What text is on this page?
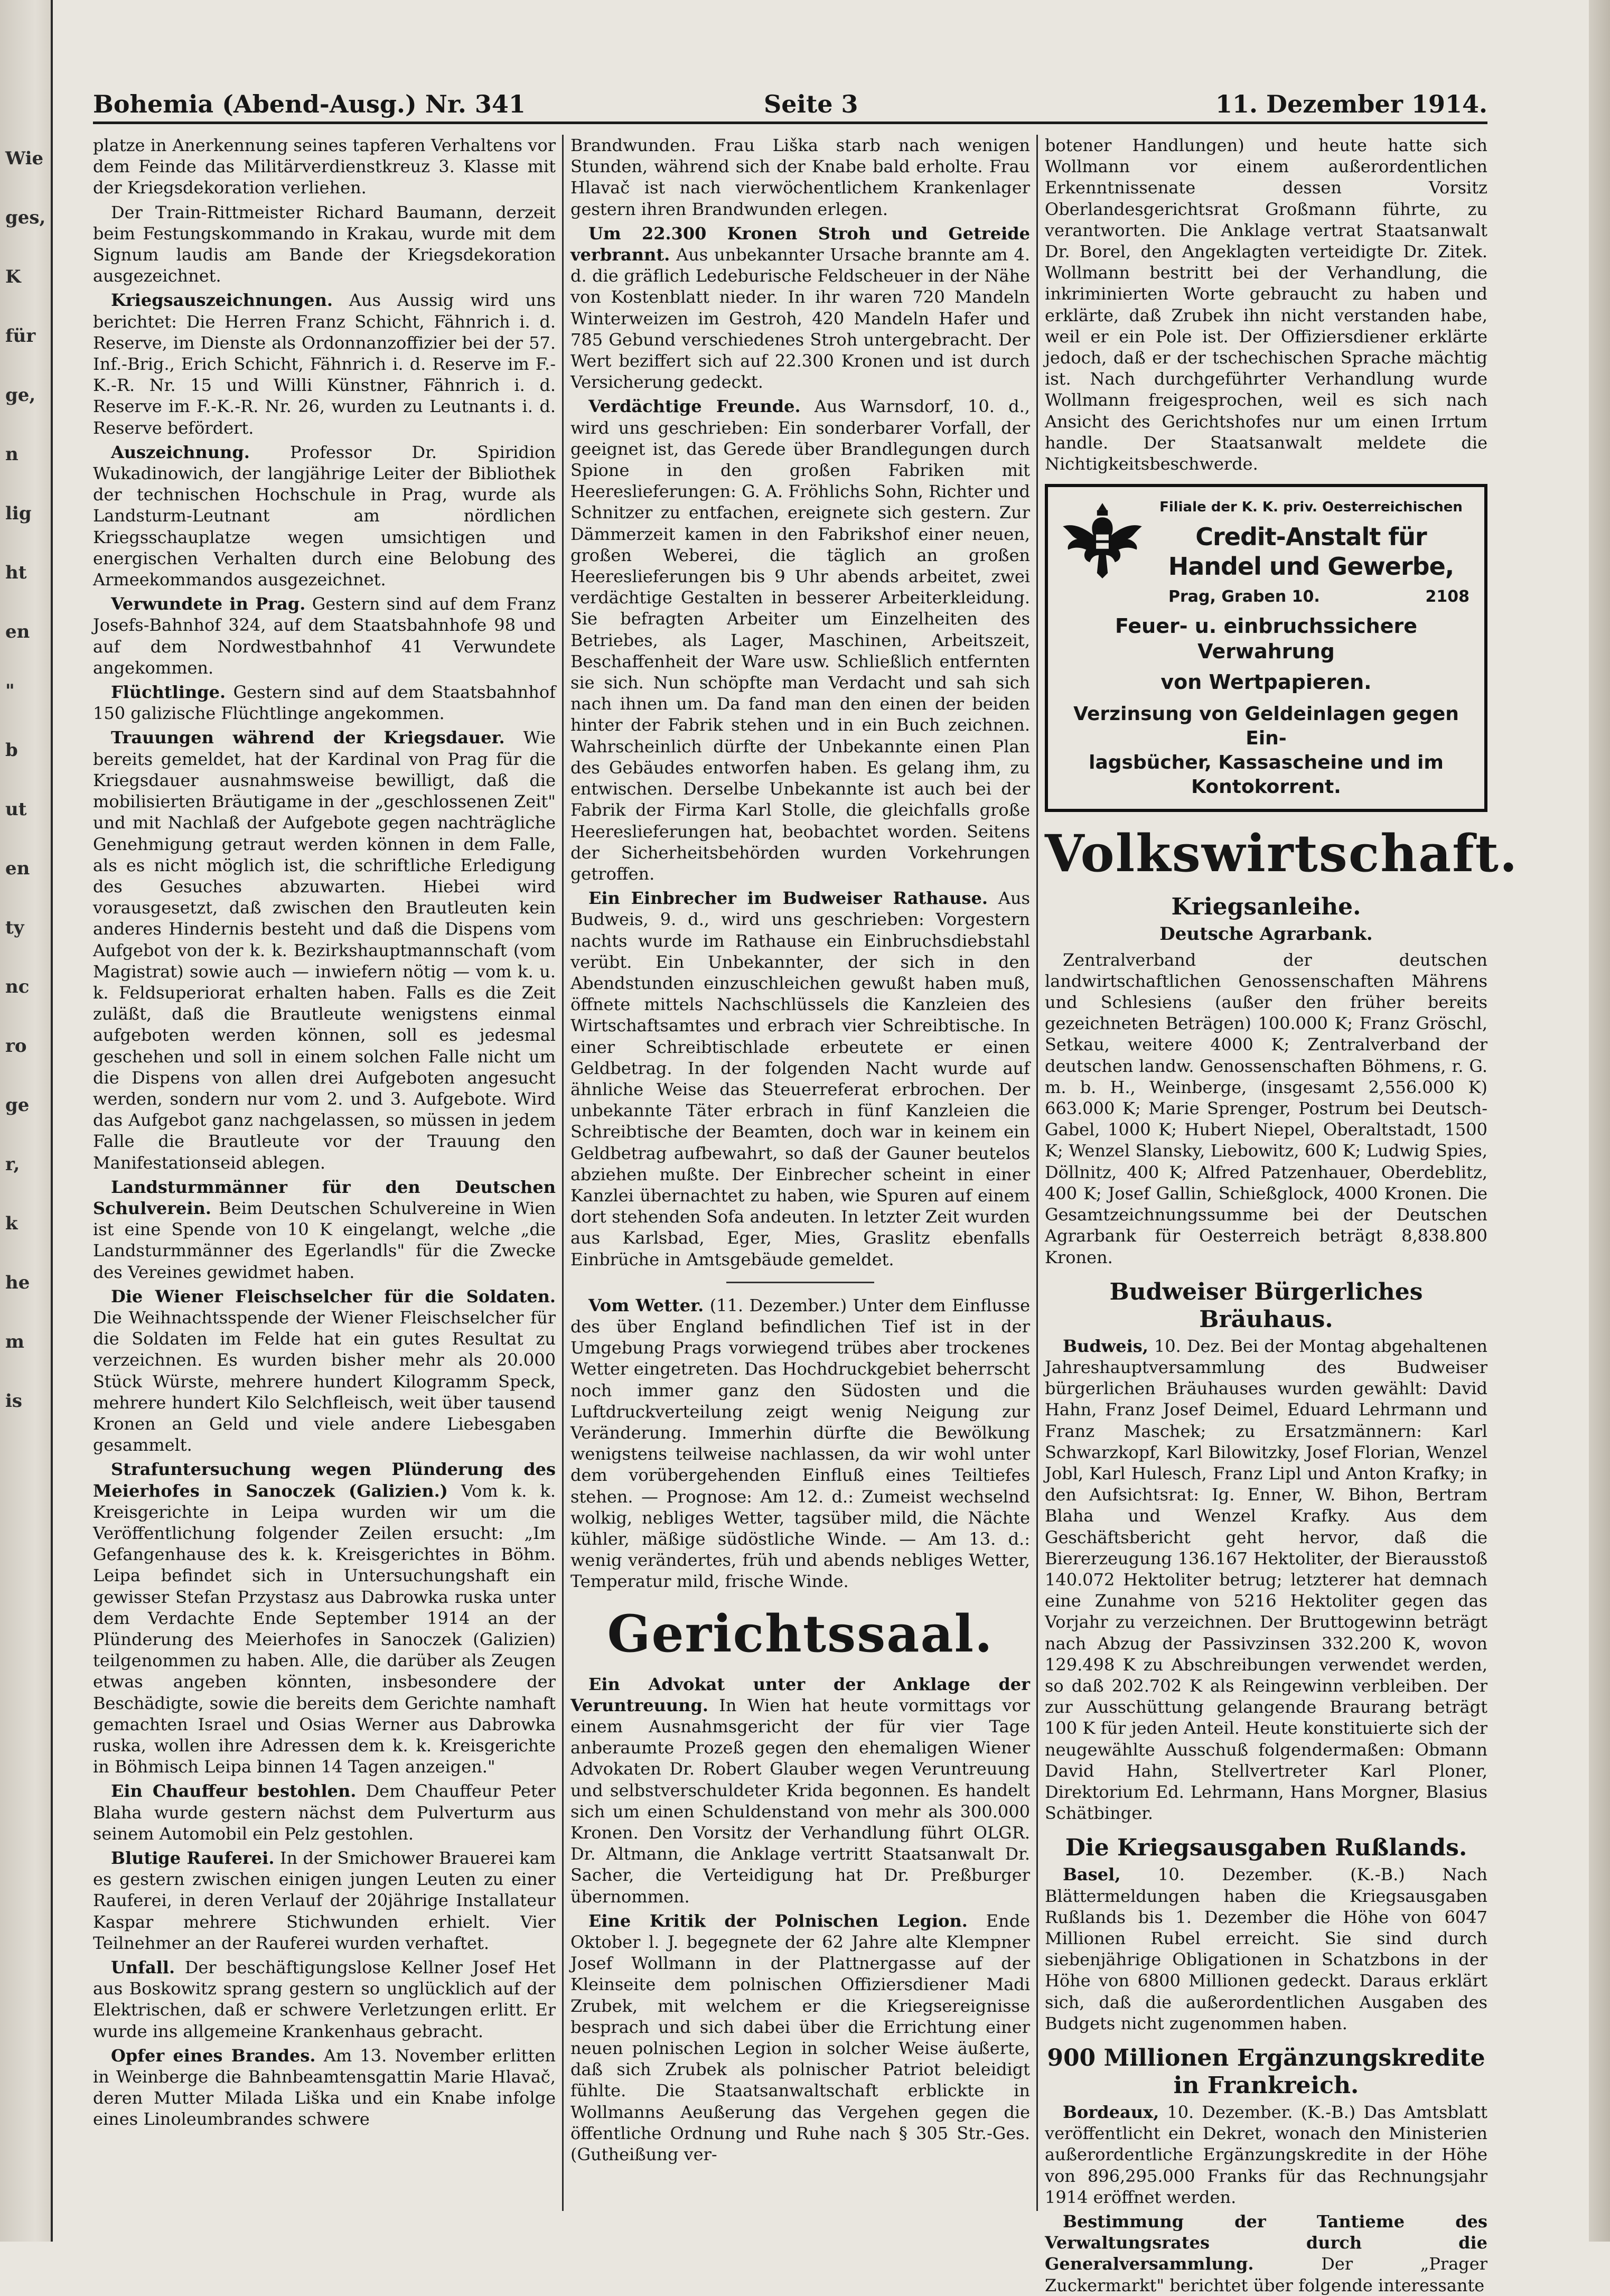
Wie
ges,
K
für
ge,
n
lig
ht
en
"
b
ut
en
ty
nc
ro
ge
r,
k
he
m
is
Bohemia (Abend-Ausg.) Nr. 341	Seite 3	11. Dezember 1914.

platze in Anerkennung seines tapferen Verhaltens vor dem Feinde das Militärverdienstkreuz 3. Klasse mit der Kriegsdekoration verliehen.

Der Train-Rittmeister Richard Baumann, derzeit beim Festungskommando in Krakau, wurde mit dem Signum laudis am Bande der Kriegsdekoration ausgezeichnet.

Kriegsauszeichnungen. Aus Aussig wird uns berichtet: Die Herren Franz Schicht, Fähnrich i. d. Reserve, im Dienste als Ordonnanzoffizier bei der 57. Inf.-Brig., Erich Schicht, Fähnrich i. d. Reserve im F.-K.-R. Nr. 15 und Willi Künstner, Fähnrich i. d. Reserve im F.-K.-R. Nr. 26, wurden zu Leutnants i. d. Reserve befördert.

Auszeichnung. Professor Dr. Spiridion Wukadinowich, der langjährige Leiter der Bibliothek der technischen Hochschule in Prag, wurde als Landsturm-Leutnant am nördlichen Kriegsschauplatze wegen umsichtigen und energischen Verhalten durch eine Belobung des Armeekommandos ausgezeichnet.

Verwundete in Prag. Gestern sind auf dem Franz Josefs-Bahnhof 324, auf dem Staatsbahnhofe 98 und auf dem Nordwestbahnhof 41 Verwundete angekommen.

Flüchtlinge. Gestern sind auf dem Staatsbahnhof 150 galizische Flüchtlinge angekommen.

Trauungen während der Kriegsdauer. Wie bereits gemeldet, hat der Kardinal von Prag für die Kriegsdauer ausnahmsweise bewilligt, daß die mobilisierten Bräutigame in der „geschlossenen Zeit" und mit Nachlaß der Aufgebote gegen nachträgliche Genehmigung getraut werden können in dem Falle, als es nicht möglich ist, die schriftliche Erledigung des Gesuches abzuwarten. Hiebei wird vorausgesetzt, daß zwischen den Brautleuten kein anderes Hindernis besteht und daß die Dispens vom Aufgebot von der k. k. Bezirkshauptmannschaft (vom Magistrat) sowie auch — inwiefern nötig — vom k. u. k. Feldsuperiorat erhalten haben. Falls es die Zeit zuläßt, daß die Brautleute wenigstens einmal aufgeboten werden können, soll es jedesmal geschehen und soll in einem solchen Falle nicht um die Dispens von allen drei Aufgeboten angesucht werden, sondern nur vom 2. und 3. Aufgebote. Wird das Aufgebot ganz nachgelassen, so müssen in jedem Falle die Brautleute vor der Trauung den Manifestationseid ablegen.

Landsturmmänner für den Deutschen Schulverein. Beim Deutschen Schulvereine in Wien ist eine Spende von 10 K eingelangt, welche „die Landsturmmänner des Egerlandls" für die Zwecke des Vereines gewidmet haben.

Die Wiener Fleischselcher für die Soldaten. Die Weihnachtsspende der Wiener Fleischselcher für die Soldaten im Felde hat ein gutes Resultat zu verzeichnen. Es wurden bisher mehr als 20.000 Stück Würste, mehrere hundert Kilogramm Speck, mehrere hundert Kilo Selchfleisch, weit über tausend Kronen an Geld und viele andere Liebesgaben gesammelt.

Strafuntersuchung wegen Plünderung des Meierhofes in Sanoczek (Galizien.) Vom k. k. Kreisgerichte in Leipa wurden wir um die Veröffentlichung folgender Zeilen ersucht: „Im Gefangenhause des k. k. Kreisgerichtes in Böhm. Leipa befindet sich in Untersuchungshaft ein gewisser Stefan Przystasz aus Dabrowka ruska unter dem Verdachte Ende September 1914 an der Plünderung des Meierhofes in Sanoczek (Galizien) teilgenommen zu haben. Alle, die darüber als Zeugen etwas angeben könnten, insbesondere der Beschädigte, sowie die bereits dem Gerichte namhaft gemachten Israel und Osias Werner aus Dabrowka ruska, wollen ihre Adressen dem k. k. Kreisgerichte in Böhmisch Leipa binnen 14 Tagen anzeigen."

Ein Chauffeur bestohlen. Dem Chauffeur Peter Blaha wurde gestern nächst dem Pulverturm aus seinem Automobil ein Pelz gestohlen.

Blutige Rauferei. In der Smichower Brauerei kam es gestern zwischen einigen jungen Leuten zu einer Rauferei, in deren Verlauf der 20jährige Installateur Kaspar mehrere Stichwunden erhielt. Vier Teilnehmer an der Rauferei wurden verhaftet.

Unfall. Der beschäftigungslose Kellner Josef Het aus Boskowitz sprang gestern so unglücklich auf der Elektrischen, daß er schwere Verletzungen erlitt. Er wurde ins allgemeine Krankenhaus gebracht.

Opfer eines Brandes. Am 13. November erlitten in Weinberge die Bahnbeamtensgattin Marie Hlavač, deren Mutter Milada Liška und ein Knabe infolge eines Linoleumbrandes schwere

Brandwunden. Frau Liška starb nach wenigen Stunden, während sich der Knabe bald erholte. Frau Hlavač ist nach vierwöchentlichem Krankenlager gestern ihren Brandwunden erlegen.

Um 22.300 Kronen Stroh und Getreide verbrannt. Aus unbekannter Ursache brannte am 4. d. die gräflich Ledeburische Feldscheuer in der Nähe von Kostenblatt nieder. In ihr waren 720 Mandeln Winterweizen im Gestroh, 420 Mandeln Hafer und 785 Gebund verschiedenes Stroh untergebracht. Der Wert beziffert sich auf 22.300 Kronen und ist durch Versicherung gedeckt.

Verdächtige Freunde. Aus Warnsdorf, 10. d., wird uns geschrieben: Ein sonderbarer Vorfall, der geeignet ist, das Gerede über Brandlegungen durch Spione in den großen Fabriken mit Heereslieferungen: G. A. Fröhlichs Sohn, Richter und Schnitzer zu entfachen, ereignete sich gestern. Zur Dämmerzeit kamen in den Fabrikshof einer neuen, großen Weberei, die täglich an großen Heereslieferungen bis 9 Uhr abends arbeitet, zwei verdächtige Gestalten in besserer Arbeiterkleidung. Sie befragten Arbeiter um Einzelheiten des Betriebes, als Lager, Maschinen, Arbeitszeit, Beschaffenheit der Ware usw. Schließlich entfernten sie sich. Nun schöpfte man Verdacht und sah sich nach ihnen um. Da fand man den einen der beiden hinter der Fabrik stehen und in ein Buch zeichnen. Wahrscheinlich dürfte der Unbekannte einen Plan des Gebäudes entworfen haben. Es gelang ihm, zu entwischen. Derselbe Unbekannte ist auch bei der Fabrik der Firma Karl Stolle, die gleichfalls große Heereslieferungen hat, beobachtet worden. Seitens der Sicherheitsbehörden wurden Vorkehrungen getroffen.

Ein Einbrecher im Budweiser Rathause. Aus Budweis, 9. d., wird uns geschrieben: Vorgestern nachts wurde im Rathause ein Einbruchsdiebstahl verübt. Ein Unbekannter, der sich in den Abendstunden einzuschleichen gewußt haben muß, öffnete mittels Nachschlüssels die Kanzleien des Wirtschaftsamtes und erbrach vier Schreibtische. In einer Schreibtischlade erbeutete er einen Geldbetrag. In der folgenden Nacht wurde auf ähnliche Weise das Steuerreferat erbrochen. Der unbekannte Täter erbrach in fünf Kanzleien die Schreibtische der Beamten, doch war in keinem ein Geldbetrag aufbewahrt, so daß der Gauner beutelos abziehen mußte. Der Einbrecher scheint in einer Kanzlei übernachtet zu haben, wie Spuren auf einem dort stehenden Sofa andeuten. In letzter Zeit wurden aus Karlsbad, Eger, Mies, Graslitz ebenfalls Einbrüche in Amtsgebäude gemeldet.

Vom Wetter. (11. Dezember.) Unter dem Einflusse des über England befindlichen Tief ist in der Umgebung Prags vorwiegend trübes aber trockenes Wetter eingetreten. Das Hochdruckgebiet beherrscht noch immer ganz den Südosten und die Luftdruckverteilung zeigt wenig Neigung zur Veränderung. Immerhin dürfte die Bewölkung wenigstens teilweise nachlassen, da wir wohl unter dem vorübergehenden Einfluß eines Teiltiefes stehen. — Prognose: Am 12. d.: Zumeist wechselnd wolkig, nebliges Wetter, tagsüber mild, die Nächte kühler, mäßige südöstliche Winde. — Am 13. d.: wenig verändertes, früh und abends nebliges Wetter, Temperatur mild, frische Winde.

Gerichtssaal.

Ein Advokat unter der Anklage der Veruntreuung. In Wien hat heute vormittags vor einem Ausnahmsgericht der für vier Tage anberaumte Prozeß gegen den ehemaligen Wiener Advokaten Dr. Robert Glauber wegen Veruntreuung und selbstverschuldeter Krida begonnen. Es handelt sich um einen Schuldenstand von mehr als 300.000 Kronen. Den Vorsitz der Verhandlung führt OLGR. Dr. Altmann, die Anklage vertritt Staatsanwalt Dr. Sacher, die Verteidigung hat Dr. Preßburger übernommen.

Eine Kritik der Polnischen Legion. Ende Oktober l. J. begegnete der 62 Jahre alte Klempner Josef Wollmann in der Plattnergasse auf der Kleinseite dem polnischen Offiziersdiener Madi Zrubek, mit welchem er die Kriegsereignisse besprach und sich dabei über die Errichtung einer neuen polnischen Legion in solcher Weise äußerte, daß sich Zrubek als polnischer Patriot beleidigt fühlte. Die Staatsanwaltschaft erblickte in Wollmanns Aeußerung das Vergehen gegen die öffentliche Ordnung und Ruhe nach § 305 Str.-Ges. (Gutheißung ver-

botener Handlungen) und heute hatte sich Wollmann vor einem außerordentlichen Erkenntnissenate dessen Vorsitz Oberlandesgerichtsrat Großmann führte, zu verantworten. Die Anklage vertrat Staatsanwalt Dr. Borel, den Angeklagten verteidigte Dr. Zitek. Wollmann bestritt bei der Verhandlung, die inkriminierten Worte gebraucht zu haben und erklärte, daß Zrubek ihn nicht verstanden habe, weil er ein Pole ist. Der Offiziersdiener erklärte jedoch, daß er der tschechischen Sprache mächtig ist. Nach durchgeführter Verhandlung wurde Wollmann freigesprochen, weil es sich nach Ansicht des Gerichtshofes nur um einen Irrtum handle. Der Staatsanwalt meldete die Nichtigkeitsbeschwerde.

Filiale der K. K. priv. Oesterreichischen
Credit-Anstalt für Handel und Gewerbe,
Prag, Graben 10.	2108
Feuer- u. einbruchssichere Verwahrung
von Wertpapieren.
Verzinsung von Geldeinlagen gegen Ein-
lagsbücher, Kassascheine und im
Kontokorrent.
Volkswirtschaft.
Kriegsanleihe.
Deutsche Agrarbank.

Zentralverband der deutschen landwirtschaftlichen Genossenschaften Mährens und Schlesiens (außer den früher bereits gezeichneten Beträgen) 100.000 K; Franz Gröschl, Setkau, weitere 4000 K; Zentralverband der deutschen landw. Genossenschaften Böhmens, r. G. m. b. H., Weinberge, (insgesamt 2,556.000 K) 663.000 K; Marie Sprenger, Postrum bei Deutsch-Gabel, 1000 K; Hubert Niepel, Oberaltstadt, 1500 K; Wenzel Slansky, Liebowitz, 600 K; Ludwig Spies, Döllnitz, 400 K; Alfred Patzenhauer, Oberdeblitz, 400 K; Josef Gallin, Schießglock, 4000 Kronen. Die Gesamtzeichnungssumme bei der Deutschen Agrarbank für Oesterreich beträgt 8,838.800 Kronen.

Budweiser Bürgerliches Bräuhaus.

Budweis, 10. Dez. Bei der Montag abgehaltenen Jahreshauptversammlung des Budweiser bürgerlichen Bräuhauses wurden gewählt: David Hahn, Franz Josef Deimel, Eduard Lehrmann und Franz Maschek; zu Ersatzmännern: Karl Schwarzkopf, Karl Bilowitzky, Josef Florian, Wenzel Jobl, Karl Hulesch, Franz Lipl und Anton Krafky; in den Aufsichtsrat: Ig. Enner, W. Bihon, Bertram Blaha und Wenzel Krafky. Aus dem Geschäftsbericht geht hervor, daß die Biererzeugung 136.167 Hektoliter, der Bierausstoß 140.072 Hektoliter betrug; letzterer hat demnach eine Zunahme von 5216 Hektoliter gegen das Vorjahr zu verzeichnen. Der Bruttogewinn beträgt nach Abzug der Passivzinsen 332.200 K, wovon 129.498 K zu Abschreibungen verwendet werden, so daß 202.702 K als Reingewinn verbleiben. Der zur Ausschüttung gelangende Braurang beträgt 100 K für jeden Anteil. Heute konstituierte sich der neugewählte Ausschuß folgendermaßen: Obmann David Hahn, Stellvertreter Karl Ploner, Direktorium Ed. Lehrmann, Hans Morgner, Blasius Schätbinger.

Die Kriegsausgaben Rußlands.

Basel, 10. Dezember. (K.-B.) Nach Blättermeldungen haben die Kriegsausgaben Rußlands bis 1. Dezember die Höhe von 6047 Millionen Rubel erreicht. Sie sind durch siebenjährige Obligationen in Schatzbons in der Höhe von 6800 Millionen gedeckt. Daraus erklärt sich, daß die außerordentlichen Ausgaben des Budgets nicht zugenommen haben.

900 Millionen Ergänzungskredite in Frankreich.

Bordeaux, 10. Dezember. (K.-B.) Das Amtsblatt veröffentlicht ein Dekret, wonach den Ministerien außerordentliche Ergänzungskredite in der Höhe von 896,295.000 Franks für das Rechnungsjahr 1914 eröffnet werden.

Bestimmung der Tantieme des Verwaltungsrates durch die Generalversammlung. Der „Prager Zuckermarkt" berichtet über folgende interessante
